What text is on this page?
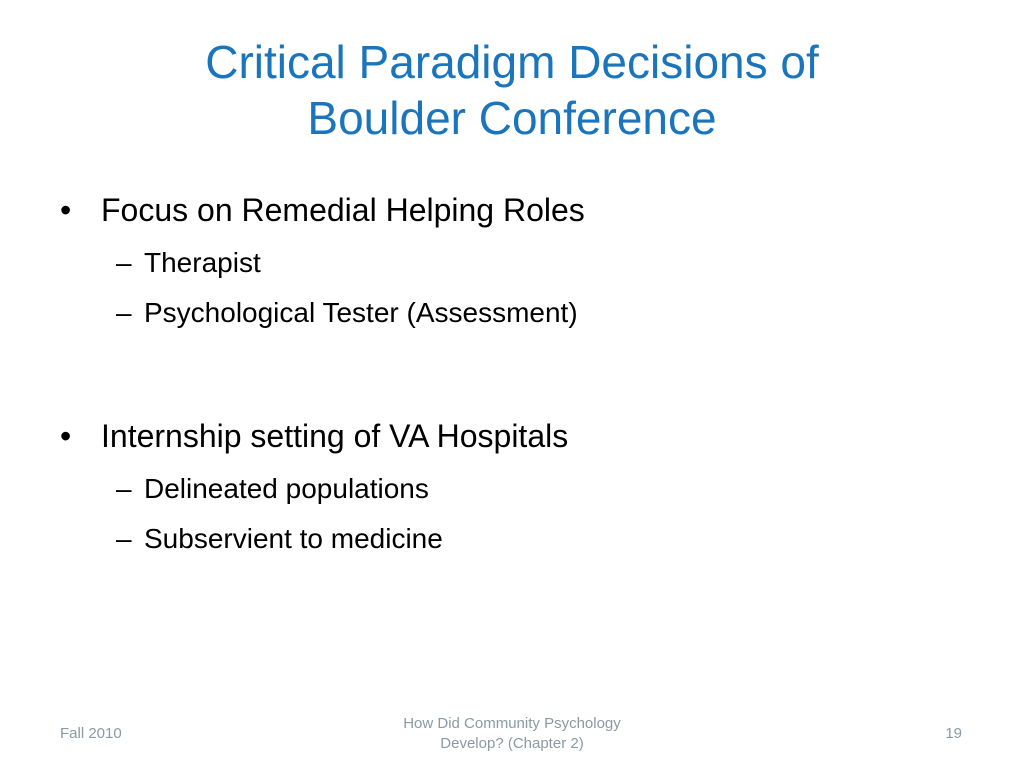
Critical Paradigm Decisions of
Boulder Conference
• Focus on Remedial Helping Roles
– Therapist
– Psychological Tester (Assessment)
• Internship setting of VA Hospitals
– Delineated populations
– Subservient to medicine
Fall 2010
How Did Community Psychology
Develop? (Chapter 2)
19
